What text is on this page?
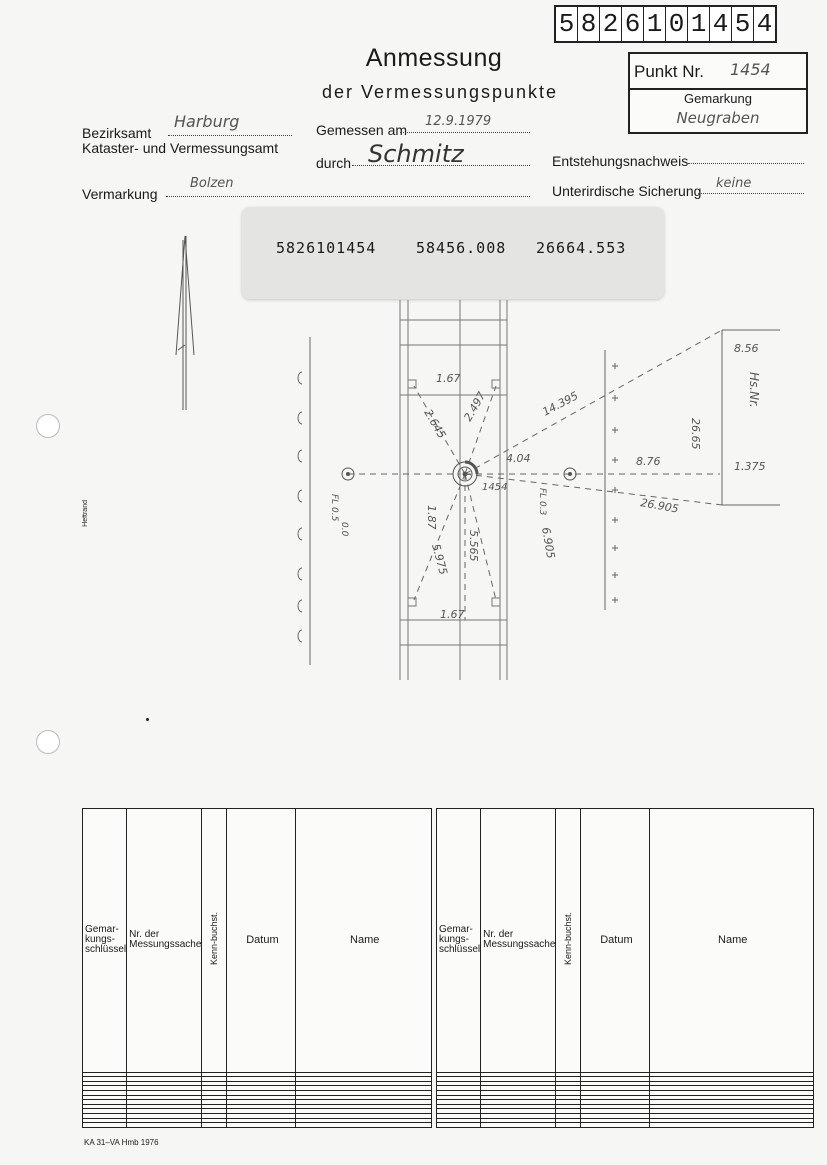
5 8 2 6 1 0 1 4 5 4
Anmessung
der Vermessungspunkte
Punkt Nr. 1454
Gemarkung
Neugraben
Bezirksamt
Harburg
Kataster- und Vermessungsamt
Gemessen am
12.9.1979
durch Schmitz	Entstehungsnachweis
Vermarkung
Bolzen	Unterirdische Sicherung keine
5826101454	58456.008 26664.553
Heftrand
1.67
2.645
2.497	14.395
4.04	8.76
1454
1.87
5.975 5.565	6.905
1.67
8.56
1.375
26.905
26.65
Hs.Nr.
FL 0.5	FL 0.3
0.0
Gemar-kungs-schlüssel	Nr. der Messungssache	Kenn-buchst.	Datum	Name

Gemar-kungs-schlüssel	Nr. der Messungssache	Kenn-buchst.	Datum	Name

KA 31–VA Hmb 1976
